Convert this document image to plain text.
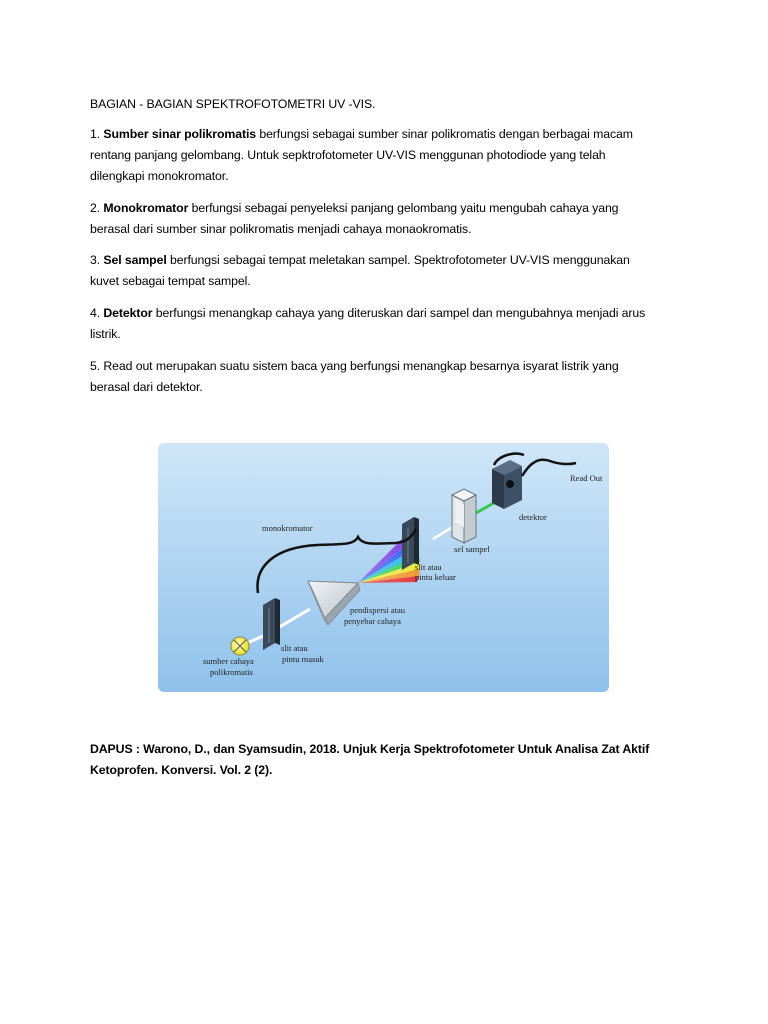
BAGIAN - BAGIAN SPEKTROFOTOMETRI UV -VIS.
1. Sumber sinar polikromatis berfungsi sebagai sumber sinar polikromatis dengan berbagai macam
rentang panjang gelombang. Untuk sepktrofotometer UV-VIS menggunan photodiode yang telah
dilengkapi monokromator.
2. Monokromator berfungsi sebagai penyeleksi panjang gelombang yaitu mengubah cahaya yang
berasal dari sumber sinar polikromatis menjadi cahaya monaokromatis.
3. Sel sampel berfungsi sebagai tempat meletakan sampel. Spektrofotometer UV-VIS menggunakan
kuvet sebagai tempat sampel.
4. Detektor berfungsi menangkap cahaya yang diteruskan dari sampel dan mengubahnya menjadi arus
listrik.
5. Read out merupakan suatu sistem baca yang berfungsi menangkap besarnya isyarat listrik yang
berasal dari detektor.
Read Out
detektor
monokromator
sel sampel
slit atau
pintu keluar
pendispersi atau
penyebar cahaya
slit atau
pintu masuk
sumber cahaya
polikromatis
DAPUS : Warono, D., dan Syamsudin, 2018. Unjuk Kerja Spektrofotometer Untuk Analisa Zat Aktif
Ketoprofen. Konversi. Vol. 2 (2).
